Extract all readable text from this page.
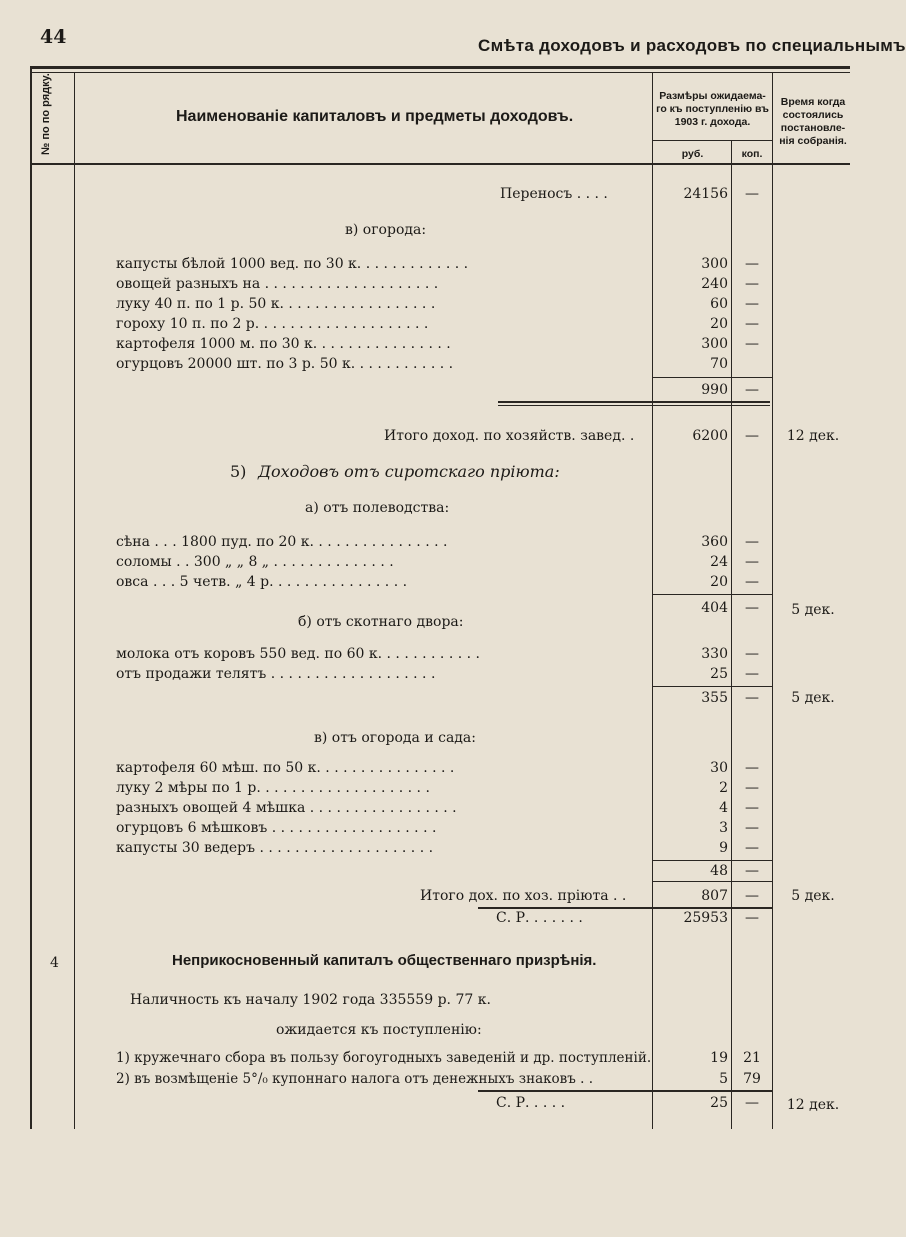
44	Смѣта доходовъ и расходовъ по специальнымъ
№ по по рядку.	Наименованіе капиталовъ и предметы доходовъ.
Размѣры ожидаема-го къ поступленію въ 1903 г. дохода.
руб.	коп.
Время когда состоялись постановле-нія собранія.
Переносъ . . . .	24156	—
в) огорода:
капусты бѣлой 1000 вед. по 30 к. . . . . . . . . . . . .	300	—
овощей разныхъ на . . . . . . . . . . . . . . . . . . . .	240	—
луку 40 п. по 1 р. 50 к. . . . . . . . . . . . . . . . . .	60	—
гороху 10 п. по 2 р. . . . . . . . . . . . . . . . . . . .	20	—
картофеля 1000 м. по 30 к. . . . . . . . . . . . . . . .	300	—
огурцовъ 20000 шт. по 3 р. 50 к. . . . . . . . . . . .	70
990	—
Итого доход. по хозяйств. завед. .	6200	—	12 дек.
5) Доходовъ отъ сиротскаго пріюта:
а) отъ полеводства:
сѣна . . . 1800 пуд. по 20 к. . . . . . . . . . . . . . . .	360	—
соломы . . 300 „ „ 8 „ . . . . . . . . . . . . . .	24	—
овса . . . 5 четв. „ 4 р. . . . . . . . . . . . . . . .	20	—
404	—	5 дек.
б) отъ скотнаго двора:
молока отъ коровъ 550 вед. по 60 к. . . . . . . . . . . .	330	—
отъ продажи телятъ . . . . . . . . . . . . . . . . . . .	25	—
355	—	5 дек.
в) отъ огорода и сада:
картофеля 60 мѣш. по 50 к. . . . . . . . . . . . . . . .	30	—
луку 2 мѣры по 1 р. . . . . . . . . . . . . . . . . . . .	2	—
разныхъ овощей 4 мѣшка . . . . . . . . . . . . . . . . .	4	—
огурцовъ 6 мѣшковъ . . . . . . . . . . . . . . . . . . .	3	—
капусты 30 ведеръ . . . . . . . . . . . . . . . . . . . .	9	—
48	—
Итого дох. по хоз. пріюта . .	807	—	5 дек.
С. Р. . . . . . .	25953	—
4	Неприкосновенный капиталъ общественнаго призрѣнія.
Наличность къ началу 1902 года 335559 р. 77 к.
ожидается къ поступленію:
1) кружечнаго сбора въ пользу богоугодныхъ заведеній и др. поступленій.	19	21
2) въ возмѣщеніе 5°/₀ купоннаго налога отъ денежныхъ знаковъ . .	5	79
С. Р. . . . .	25	—	12 дек.
